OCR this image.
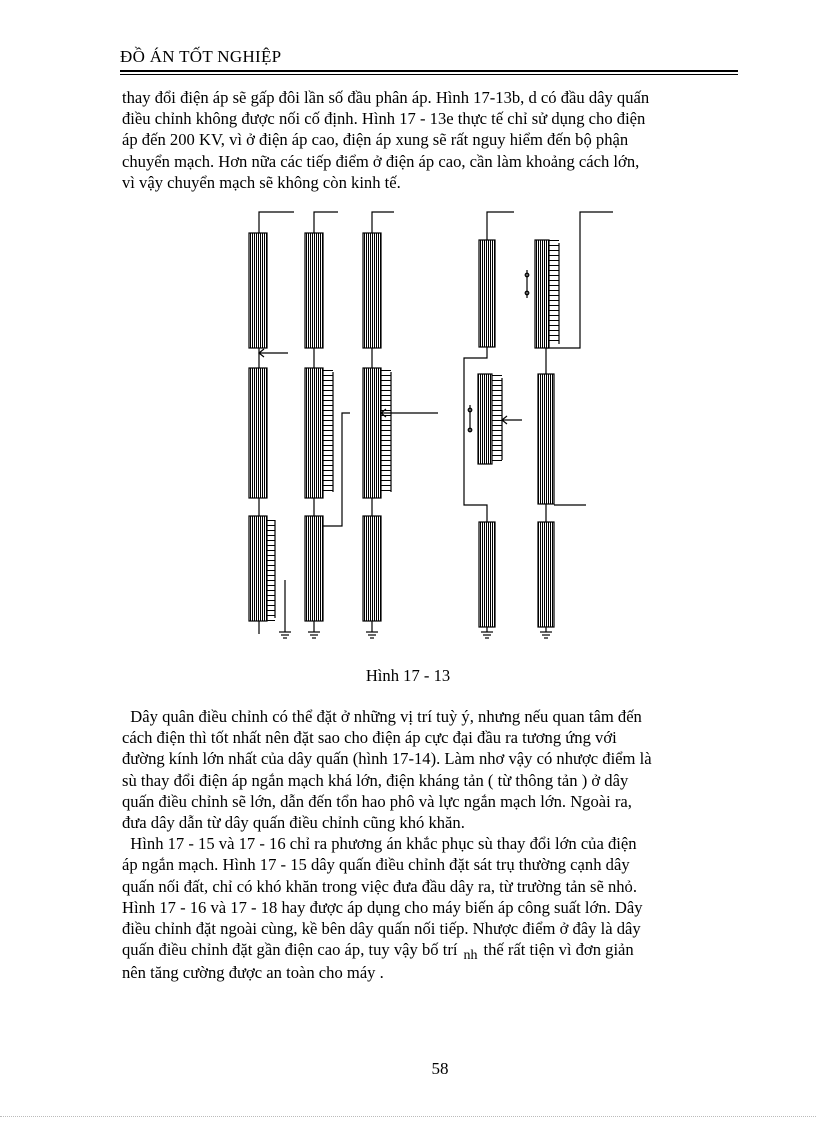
ĐỒ ÁN TỐT NGHIỆP
thay đổi điện áp sẽ gấp đôi lần số đầu phân áp. Hình 17-13b, d có đầu dây quấn
điều chỉnh không được nối cố định. Hình 17 - 13e thực tế chỉ sử dụng cho điện
áp đến 200 KV, vì ở điện áp cao, điện áp xung sẽ rất nguy hiểm đến bộ phận
chuyển mạch. Hơn nữa các tiếp điểm ở điện áp cao, cần làm khoảng cách lớn,
vì vậy chuyển mạch sẽ không còn kinh tế.
Hình 17 - 13
Dây quân điều chỉnh có thể đặt ở những vị trí tuỳ ý, nhưng nếu quan tâm đến
cách điện thì tốt nhất nên đặt sao cho điện áp cực đại đầu ra tương ứng với
đường kính lớn nhất của dây quấn (hình 17-14). Làm nhơ vậy có nhược điểm là
sù thay đổi điện áp ngắn mạch khá lớn, điện kháng tản ( từ thông tản ) ở dây
quấn điều chỉnh sẽ lớn, dẫn đến tổn hao phô và lực ngắn mạch lớn. Ngoài ra,
đưa dây dẫn từ dây quấn điều chỉnh cũng khó khăn.
Hình 17 - 15 và 17 - 16 chỉ ra phương án khắc phục sù thay đổi lớn của điện
áp ngắn mạch. Hình 17 - 15 dây quấn điều chỉnh đặt sát trụ thường cạnh dây
quấn nối đất, chỉ có khó khăn trong việc đưa đầu dây ra, từ trường tản sẽ nhỏ.
Hình 17 - 16 và 17 - 18 hay được áp dụng cho máy biến áp công suất lớn. Dây
điều chỉnh đặt ngoài cùng, kề bên dây quấn nối tiếp. Nhược điểm ở đây là dây
quấn điều chỉnh đặt gần điện cao áp, tuy vậy bố trí $_{nh}$ thế rất tiện vì đơn giản
nên tăng cường được an toàn cho máy .
58
